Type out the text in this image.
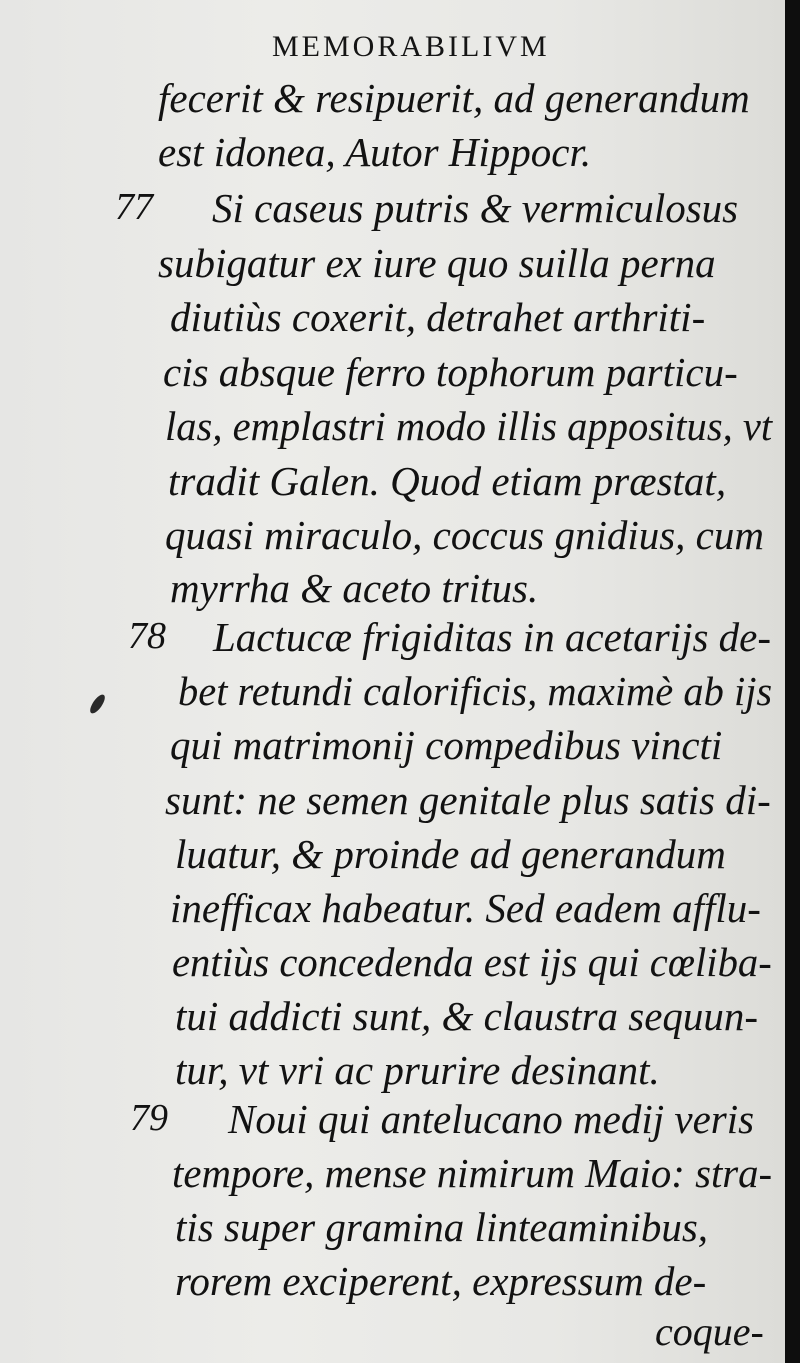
MEMORABILIVM
fecerit & resipuerit, ad generandum
est idonea, Autor Hippocr.
77 Si caseus putris & vermiculosus
subigatur ex iure quo suilla perna
diutiùs coxerit, detrahet arthriti-
cis absque ferro tophorum particu-
las, emplastri modo illis appositus, vt
tradit Galen. Quod etiam præstat,
quasi miraculo, coccus gnidius, cum
myrrha & aceto tritus.
78 Lactucæ frigiditas in acetarijs de-
bet retundi calorificis, maximè ab ijs
qui matrimonij compedibus vincti
sunt: ne semen genitale plus satis di-
luatur, & proinde ad generandum
inefficax habeatur. Sed eadem afflu-
entiùs concedenda est ijs qui cœliba-
tui addicti sunt, & claustra sequun-
tur, vt vri ac prurire desinant.
79 Noui qui antelucano medij veris
tempore, mense nimirum Maio: stra-
tis super gramina linteaminibus,
rorem exciperent, expressum de-
coque-
